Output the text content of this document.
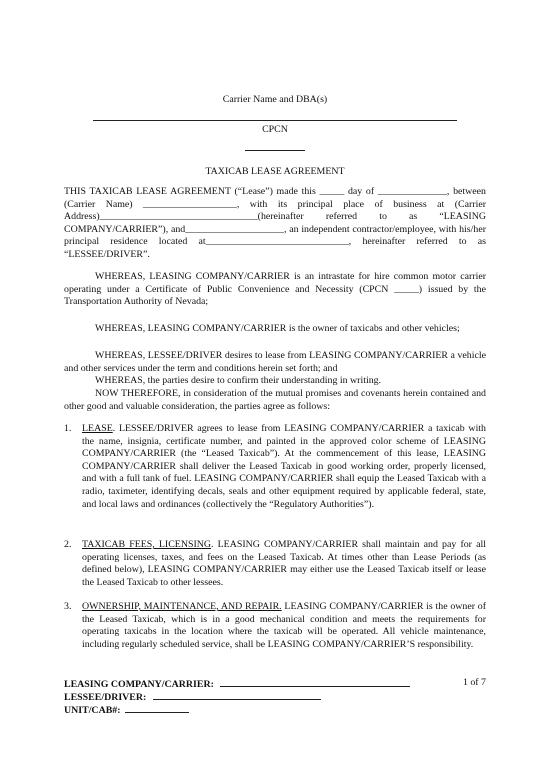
Carrier Name and DBA(s)
CPCN
TAXICAB LEASE AGREEMENT
THIS TAXICAB LEASE AGREEMENT (“Lease”) made this _____ day of ______________, between (Carrier Name) ___________________, with its principal place of business at (Carrier Address)________________________________(hereinafter referred to as “LEASING COMPANY/CARRIER”), and____________________, an independent contractor/employee, with his/her principal residence located at_____________________________, hereinafter referred to as “LESSEE/DRIVER”.
WHEREAS, LEASING COMPANY/CARRIER is an intrastate for hire common motor carrier operating under a Certificate of Public Convenience and Necessity (CPCN _____) issued by the Transportation Authority of Nevada;
WHEREAS, LEASING COMPANY/CARRIER is the owner of taxicabs and other vehicles;
WHEREAS, LESSEE/DRIVER desires to lease from LEASING COMPANY/CARRIER a vehicle and other services under the term and conditions herein set forth; and
WHEREAS, the parties desire to confirm their understanding in writing.
NOW THEREFORE, in consideration of the mutual promises and covenants herein contained and other good and valuable consideration, the parties agree as follows:
1. LEASE. LESSEE/DRIVER agrees to lease from LEASING COMPANY/CARRIER a taxicab with the name, insignia, certificate number, and painted in the approved color scheme of LEASING COMPANY/CARRIER (the “Leased Taxicab”). At the commencement of this lease, LEASING COMPANY/CARRIER shall deliver the Leased Taxicab in good working order, properly licensed, and with a full tank of fuel. LEASING COMPANY/CARRIER shall equip the Leased Taxicab with a radio, taximeter, identifying decals, seals and other equipment required by applicable federal, state, and local laws and ordinances (collectively the “Regulatory Authorities”).
2. TAXICAB FEES, LICENSING. LEASING COMPANY/CARRIER shall maintain and pay for all operating licenses, taxes, and fees on the Leased Taxicab. At times other than Lease Periods (as defined below), LEASING COMPANY/CARRIER may either use the Leased Taxicab itself or lease the Leased Taxicab to other lessees.
3. OWNERSHIP, MAINTENANCE, AND REPAIR. LEASING COMPANY/CARRIER is the owner of the Leased Taxicab, which is in a good mechanical condition and meets the requirements for operating taxicabs in the location where the taxicab will be operated. All vehicle maintenance, including regularly scheduled service, shall be LEASING COMPANY/CARRIER’S responsibility.
LEASING COMPANY/CARRIER:	1 of 7
LESSEE/DRIVER:
UNIT/CAB#:
